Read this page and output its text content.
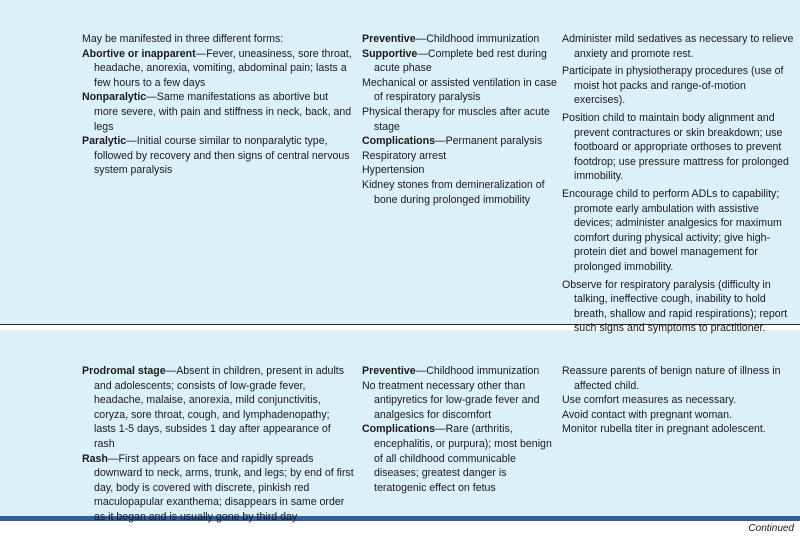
May be manifested in three different forms:

Abortive or inapparent—Fever, uneasiness, sore throat, headache, anorexia, vomiting, abdominal pain; lasts a few hours to a few days

Nonparalytic—Same manifestations as abortive but more severe, with pain and stiffness in neck, back, and legs

Paralytic—Initial course similar to nonparalytic type, followed by recovery and then signs of central nervous system paralysis

Preventive—Childhood immunization

Supportive—Complete bed rest during acute phase

Mechanical or assisted ventilation in case of respiratory paralysis

Physical therapy for muscles after acute stage

Complications—Permanent paralysis

Respiratory arrest

Hypertension

Kidney stones from demineralization of bone during prolonged immobility

Administer mild sedatives as necessary to relieve anxiety and promote rest.

Participate in physiotherapy procedures (use of moist hot packs and range-of-motion exercises).

Position child to maintain body alignment and prevent contractures or skin breakdown; use footboard or appropriate orthoses to prevent footdrop; use pressure mattress for prolonged immobility.

Encourage child to perform ADLs to capability; promote early ambulation with assistive devices; administer analgesics for maximum comfort during physical activity; give high-protein diet and bowel management for prolonged immobility.

Observe for respiratory paralysis (difficulty in talking, ineffective cough, inability to hold breath, shallow and rapid respirations); report such signs and symptoms to practitioner.

Prodromal stage—Absent in children, present in adults and adolescents; consists of low-grade fever, headache, malaise, anorexia, mild conjunctivitis, coryza, sore throat, cough, and lymphadenopathy; lasts 1-5 days, subsides 1 day after appearance of rash

Rash—First appears on face and rapidly spreads downward to neck, arms, trunk, and legs; by end of first day, body is covered with discrete, pinkish red maculopapular exanthema; disappears in same order as it began and is usually gone by third day

Preventive—Childhood immunization

No treatment necessary other than antipyretics for low-grade fever and analgesics for discomfort

Complications—Rare (arthritis, encephalitis, or purpura); most benign of all childhood communicable diseases; greatest danger is teratogenic effect on fetus

Reassure parents of benign nature of illness in affected child.

Use comfort measures as necessary.

Avoid contact with pregnant woman.

Monitor rubella titer in pregnant adolescent.

Continued
